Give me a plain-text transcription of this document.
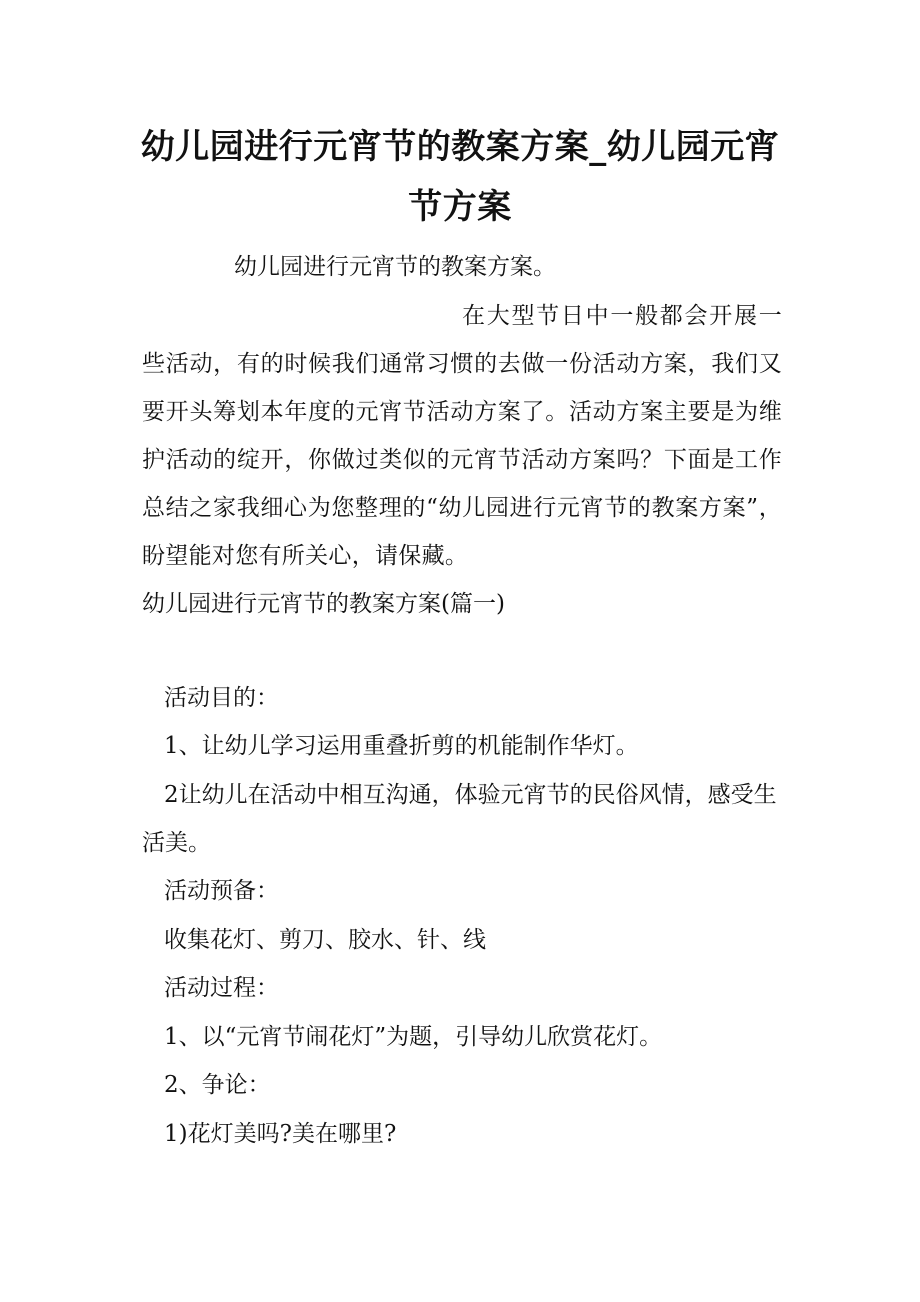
幼儿园进行元宵节的教案方案_幼儿园元宵节方案

幼儿园进行元宵节的教案方案。

在大型节日中一般都会开展一些活动，有的时候我们通常习惯的去做一份活动方案，我们又要开头筹划本年度的元宵节活动方案了。活动方案主要是为维护活动的绽开，你做过类似的元宵节活动方案吗？下面是工作总结之家我细心为您整理的“幼儿园进行元宵节的教案方案”，盼望能对您有所关心，请保藏。

幼儿园进行元宵节的教案方案(篇一)

活动目的：

1、让幼儿学习运用重叠折剪的机能制作华灯。

2让幼儿在活动中相互沟通，体验元宵节的民俗风情，感受生活美。

活动预备：

收集花灯、剪刀、胶水、针、线

活动过程：

1、以“元宵节闹花灯”为题，引导幼儿欣赏花灯。

2、争论：

1)花灯美吗?美在哪里?
